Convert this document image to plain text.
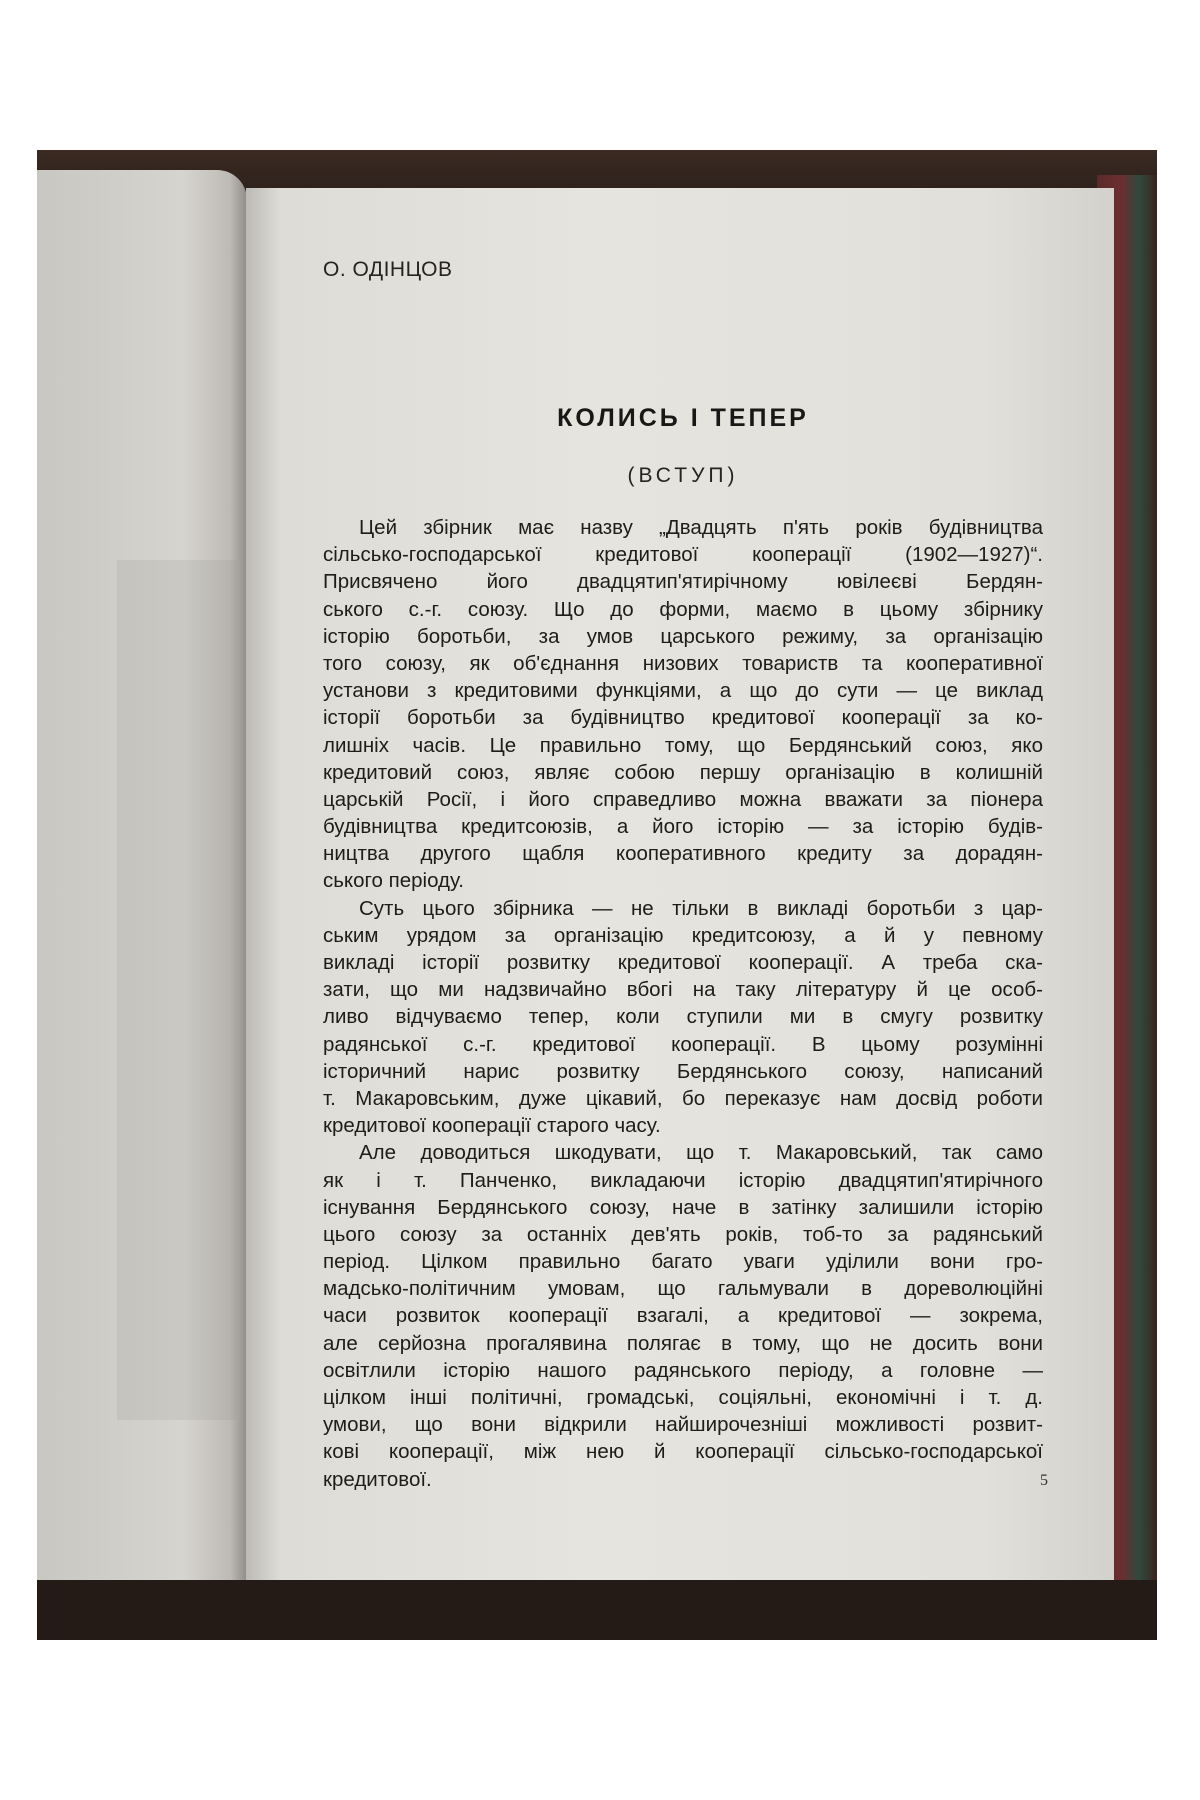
О. ОДІНЦОВ
КОЛИСЬ І ТЕПЕР
(ВСТУП)
Цей збірник має назву „Двадцять п'ять років будівництва
сільсько-господарської кредитової кооперації (1902—1927)“.
Присвячено його двадцятип'ятирічному ювілеєві Бердян-
ського с.-г. союзу. Що до форми, маємо в цьому збірнику
історію боротьби, за умов царського режиму, за організацію
того союзу, як об'єднання низових товариств та кооперативної
установи з кредитовими функціями, а що до сути — це виклад
історії боротьби за будівництво кредитової кооперації за ко-
лишніх часів. Це правильно тому, що Бердянський союз, яко
кредитовий союз, являє собою першу організацію в колишній
царській Росії, і його справедливо можна вважати за піонера
будівництва кредитсоюзів, а його історію — за історію будів-
ництва другого щабля кооперативного кредиту за дорадян-
ського періоду.
Суть цього збірника — не тільки в викладі боротьби з цар-
ським урядом за організацію кредитсоюзу, а й у певному
викладі історії розвитку кредитової кооперації. А треба ска-
зати, що ми надзвичайно вбогі на таку літературу й це особ-
ливо відчуваємо тепер, коли ступили ми в смугу розвитку
радянської с.-г. кредитової кооперації. В цьому розумінні
історичний нарис розвитку Бердянського союзу, написаний
т. Макаровським, дуже цікавий, бо переказує нам досвід роботи
кредитової кооперації старого часу.
Але доводиться шкодувати, що т. Макаровський, так само
як і т. Панченко, викладаючи історію двадцятип'ятирічного
існування Бердянського союзу, наче в затінку залишили історію
цього союзу за останніх дев'ять років, тоб-то за радянський
період. Цілком правильно багато уваги уділили вони гро-
мадсько-політичним умовам, що гальмували в дореволюційні
часи розвиток кооперації взагалі, а кредитової — зокрема,
але серйозна прогалявина полягає в тому, що не досить вони
освітлили історію нашого радянського періоду, а головне —
цілком інші політичні, громадські, соціяльні, економічні і т. д.
умови, що вони відкрили найширочезніші можливості розвит-
кові кооперації, між нею й кооперації сільсько-господарської
кредитової.	5
